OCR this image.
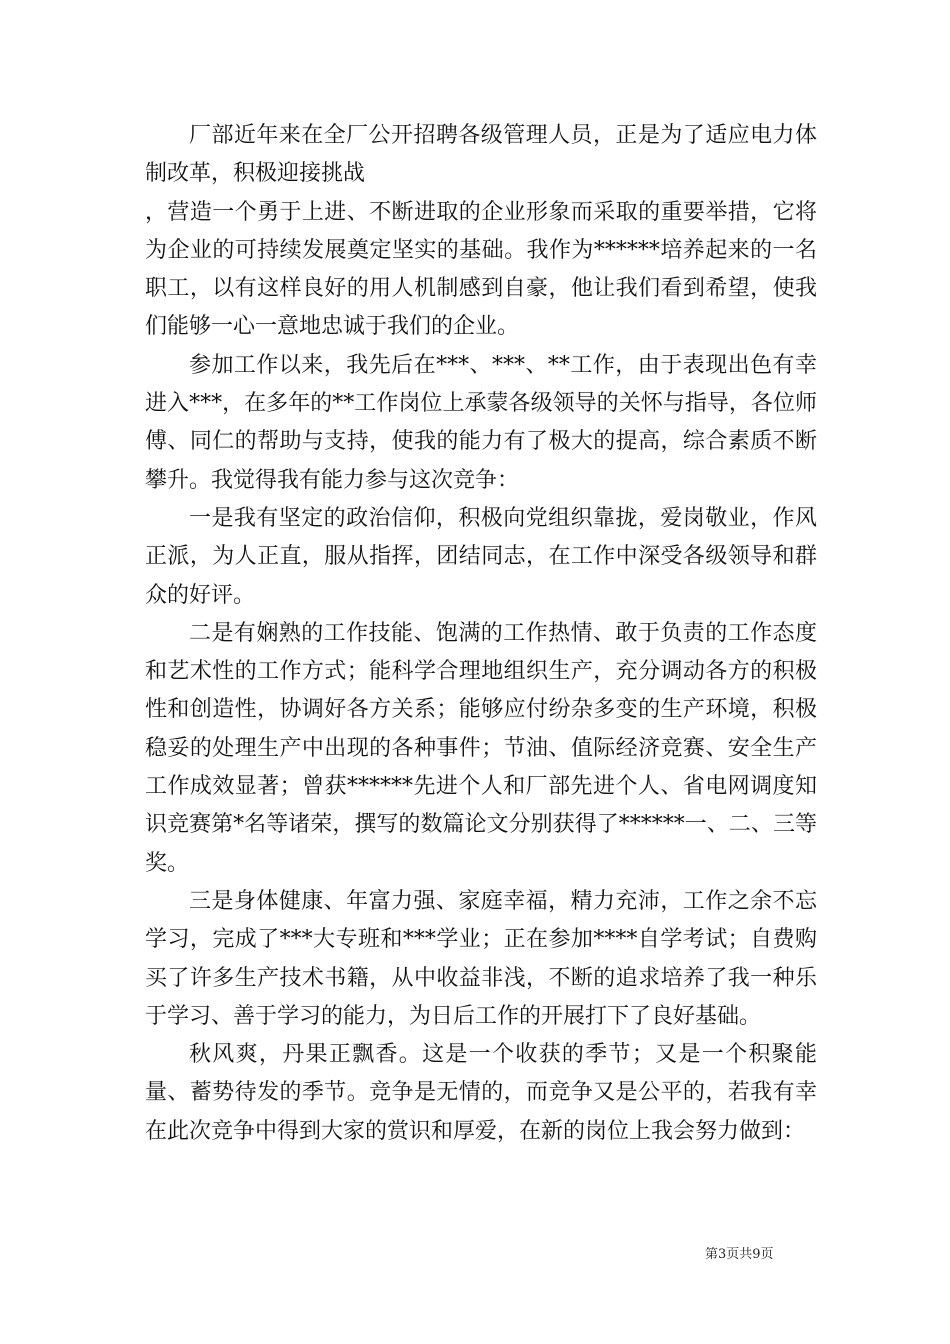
厂部近年来在全厂公开招聘各级管理人员，正是为了适应电力体制改革，积极迎接挑战

，营造一个勇于上进、不断进取的企业形象而采取的重要举措，它将为企业的可持续发展奠定坚实的基础。我作为******培养起来的一名职工，以有这样良好的用人机制感到自豪，他让我们看到希望，使我们能够一心一意地忠诚于我们的企业。

参加工作以来，我先后在***、***、**工作，由于表现出色有幸进入***，在多年的**工作岗位上承蒙各级领导的关怀与指导，各位师傅、同仁的帮助与支持，使我的能力有了极大的提高，综合素质不断攀升。我觉得我有能力参与这次竞争：

一是我有坚定的政治信仰，积极向党组织靠拢，爱岗敬业，作风正派，为人正直，服从指挥，团结同志，在工作中深受各级领导和群众的好评。

二是有娴熟的工作技能、饱满的工作热情、敢于负责的工作态度和艺术性的工作方式；能科学合理地组织生产，充分调动各方的积极性和创造性，协调好各方关系；能够应付纷杂多变的生产环境，积极稳妥的处理生产中出现的各种事件；节油、值际经济竞赛、安全生产工作成效显著；曾获******先进个人和厂部先进个人、省电网调度知识竞赛第*名等诸荣，撰写的数篇论文分别获得了******一、二、三等奖。

三是身体健康、年富力强、家庭幸福，精力充沛，工作之余不忘学习，完成了***大专班和***学业；正在参加****自学考试；自费购买了许多生产技术书籍，从中收益非浅，不断的追求培养了我一种乐于学习、善于学习的能力，为日后工作的开展打下了良好基础。

秋风爽，丹果正飘香。这是一个收获的季节；又是一个积聚能量、蓄势待发的季节。竞争是无情的，而竞争又是公平的，若我有幸在此次竞争中得到大家的赏识和厚爱，在新的岗位上我会努力做到：

第3页共9页
